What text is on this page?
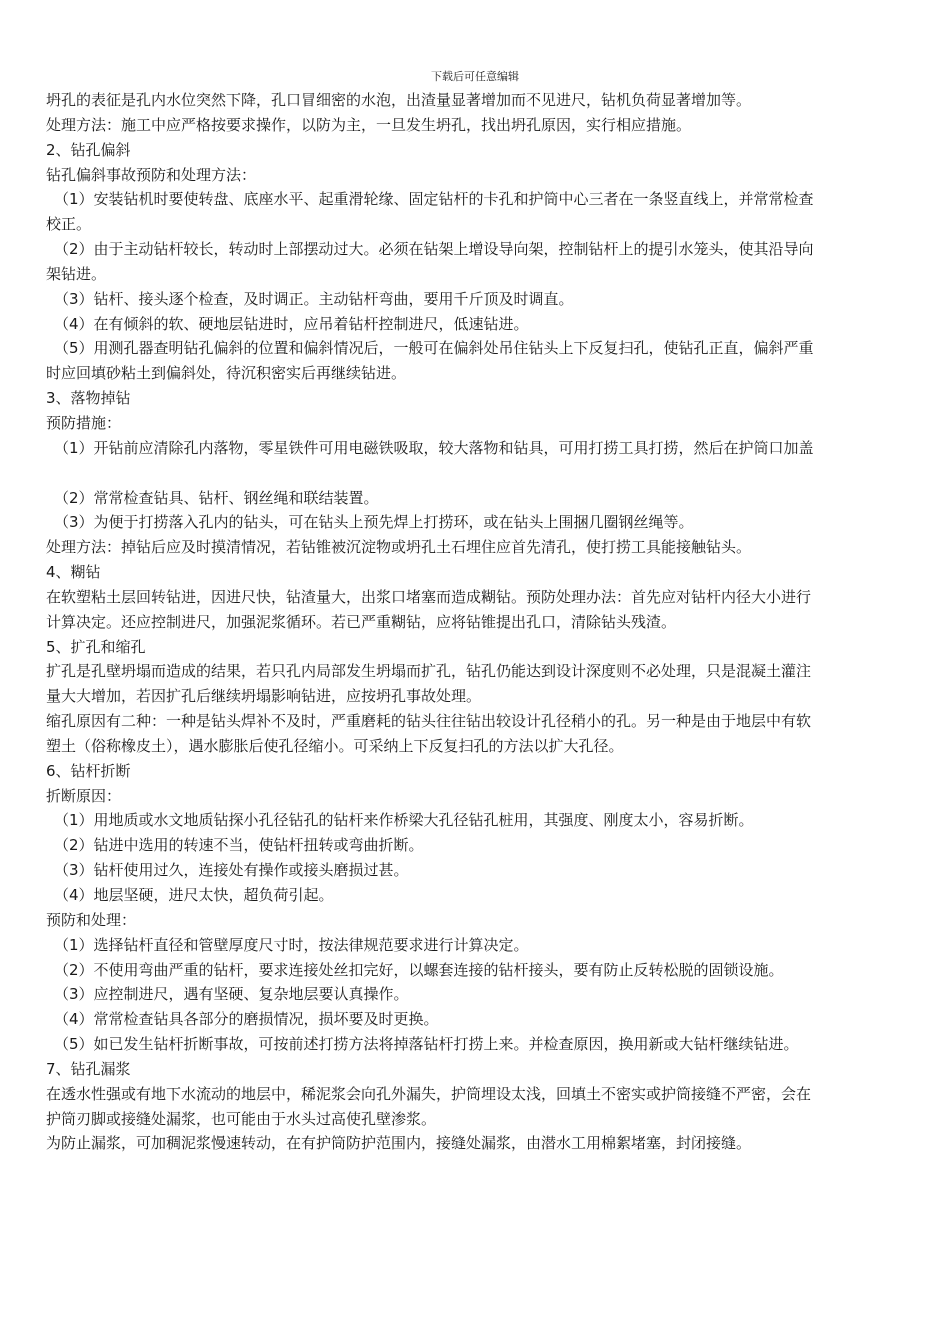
下载后可任意编辑
坍孔的表征是孔内水位突然下降，孔口冒细密的水泡，出渣量显著增加而不见进尺，钻机负荷显著增加等。
处理方法：施工中应严格按要求操作，以防为主，一旦发生坍孔，找出坍孔原因，实行相应措施。
2、钻孔偏斜
钻孔偏斜事故预防和处理方法：
（1）安装钻机时要使转盘、底座水平、起重滑轮缘、固定钻杆的卡孔和护筒中心三者在一条竖直线上，并常常检查
校正。
（2）由于主动钻杆较长，转动时上部摆动过大。必须在钻架上增设导向架，控制钻杆上的提引水笼头，使其沿导向
架钻进。
（3）钻杆、接头逐个检查，及时调正。主动钻杆弯曲，要用千斤顶及时调直。
（4）在有倾斜的软、硬地层钻进时，应吊着钻杆控制进尺，低速钻进。
（5）用测孔器查明钻孔偏斜的位置和偏斜情况后，一般可在偏斜处吊住钻头上下反复扫孔，使钻孔正直，偏斜严重
时应回填砂粘土到偏斜处，待沉积密实后再继续钻进。
3、落物掉钻
预防措施：
（1）开钻前应清除孔内落物，零星铁件可用电磁铁吸取，较大落物和钻具，可用打捞工具打捞，然后在护筒口加盖
（2）常常检查钻具、钻杆、钢丝绳和联结装置。
（3）为便于打捞落入孔内的钻头，可在钻头上预先焊上打捞环，或在钻头上围捆几圈钢丝绳等。
处理方法：掉钻后应及时摸清情况，若钻锥被沉淀物或坍孔土石埋住应首先清孔，使打捞工具能接触钻头。
4、糊钻
在软塑粘土层回转钻进，因进尺快，钻渣量大，出浆口堵塞而造成糊钻。预防处理办法：首先应对钻杆内径大小进行
计算决定。还应控制进尺，加强泥浆循环。若已严重糊钻，应将钻锥提出孔口，清除钻头残渣。
5、扩孔和缩孔
扩孔是孔壁坍塌而造成的结果，若只孔内局部发生坍塌而扩孔，钻孔仍能达到设计深度则不必处理，只是混凝土灌注
量大大增加，若因扩孔后继续坍塌影响钻进，应按坍孔事故处理。
缩孔原因有二种：一种是钻头焊补不及时，严重磨耗的钻头往往钻出较设计孔径稍小的孔。另一种是由于地层中有软
塑土（俗称橡皮土），遇水膨胀后使孔径缩小。可采纳上下反复扫孔的方法以扩大孔径。
6、钻杆折断
折断原因：
（1）用地质或水文地质钻探小孔径钻孔的钻杆来作桥梁大孔径钻孔桩用，其强度、刚度太小，容易折断。
（2）钻进中选用的转速不当，使钻杆扭转或弯曲折断。
（3）钻杆使用过久，连接处有操作或接头磨损过甚。
（4）地层坚硬，进尺太快，超负荷引起。
预防和处理：
（1）选择钻杆直径和管壁厚度尺寸时，按法律规范要求进行计算决定。
（2）不使用弯曲严重的钻杆，要求连接处丝扣完好，以螺套连接的钻杆接头，要有防止反转松脱的固锁设施。
（3）应控制进尺，遇有坚硬、复杂地层要认真操作。
（4）常常检查钻具各部分的磨损情况，损坏要及时更换。
（5）如已发生钻杆折断事故，可按前述打捞方法将掉落钻杆打捞上来。并检查原因，换用新或大钻杆继续钻进。
7、钻孔漏浆
在透水性强或有地下水流动的地层中，稀泥浆会向孔外漏失，护筒埋设太浅，回填土不密实或护筒接缝不严密，会在
护筒刃脚或接缝处漏浆，也可能由于水头过高使孔壁渗浆。
为防止漏浆，可加稠泥浆慢速转动，在有护筒防护范围内，接缝处漏浆，由潜水工用棉絮堵塞，封闭接缝。
